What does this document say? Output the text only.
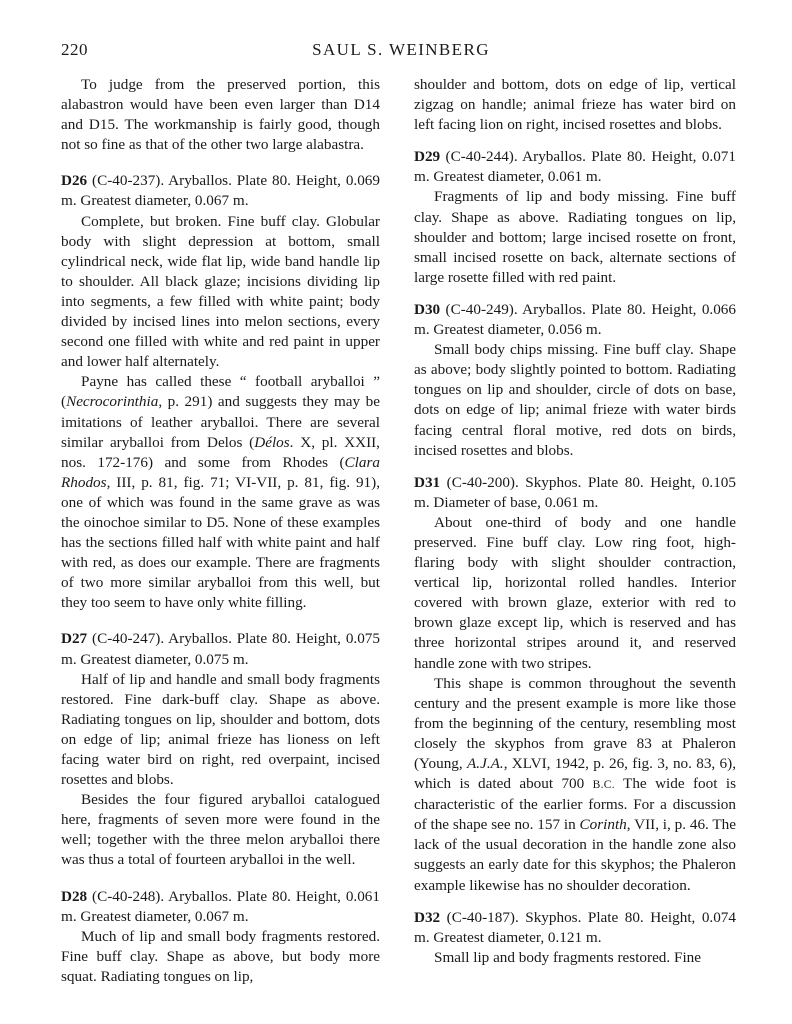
220	SAUL S. WEINBERG

To judge from the preserved portion, this alabastron would have been even larger than D14 and D15. The workmanship is fairly good, though not so fine as that of the other two large alabastra.

D26 (C-40-237). Aryballos. Plate 80. Height, 0.069 m. Greatest diameter, 0.067 m.

Complete, but broken. Fine buff clay. Globular body with slight depression at bottom, small cylindrical neck, wide flat lip, wide band handle lip to shoulder. All black glaze; incisions dividing lip into segments, a few filled with white paint; body divided by incised lines into melon sections, every second one filled with white and red paint in upper and lower half alternately.

Payne has called these “ football aryballoi ” (Necrocorinthia, p. 291) and suggests they may be imitations of leather aryballoi. There are several similar aryballoi from Delos (Délos. X, pl. XXII, nos. 172-176) and some from Rhodes (Clara Rhodos, III, p. 81, fig. 71; VI-VII, p. 81, fig. 91), one of which was found in the same grave as was the oinochoe similar to D5. None of these examples has the sections filled half with white paint and half with red, as does our example. There are fragments of two more similar aryballoi from this well, but they too seem to have only white filling.

D27 (C-40-247). Aryballos. Plate 80. Height, 0.075 m. Greatest diameter, 0.075 m.

Half of lip and handle and small body fragments restored. Fine dark-buff clay. Shape as above. Radiating tongues on lip, shoulder and bottom, dots on edge of lip; animal frieze has lioness on left facing water bird on right, red overpaint, incised rosettes and blobs.

Besides the four figured aryballoi catalogued here, fragments of seven more were found in the well; together with the three melon aryballoi there was thus a total of fourteen aryballoi in the well.

D28 (C-40-248). Aryballos. Plate 80. Height, 0.061 m. Greatest diameter, 0.067 m.

Much of lip and small body fragments restored. Fine buff clay. Shape as above, but body more squat. Radiating tongues on lip,

shoulder and bottom, dots on edge of lip, vertical zigzag on handle; animal frieze has water bird on left facing lion on right, incised rosettes and blobs.

D29 (C-40-244). Aryballos. Plate 80. Height, 0.071 m. Greatest diameter, 0.061 m.

Fragments of lip and body missing. Fine buff clay. Shape as above. Radiating tongues on lip, shoulder and bottom; large incised rosette on front, small incised rosette on back, alternate sections of large rosette filled with red paint.

D30 (C-40-249). Aryballos. Plate 80. Height, 0.066 m. Greatest diameter, 0.056 m.

Small body chips missing. Fine buff clay. Shape as above; body slightly pointed to bottom. Radiating tongues on lip and shoulder, circle of dots on base, dots on edge of lip; animal frieze with water birds facing central floral motive, red dots on birds, incised rosettes and blobs.

D31 (C-40-200). Skyphos. Plate 80. Height, 0.105 m. Diameter of base, 0.061 m.

About one-third of body and one handle preserved. Fine buff clay. Low ring foot, high-flaring body with slight shoulder contraction, vertical lip, horizontal rolled handles. Interior covered with brown glaze, exterior with red to brown glaze except lip, which is reserved and has three horizontal stripes around it, and reserved handle zone with two stripes.

This shape is common throughout the seventh century and the present example is more like those from the beginning of the century, resembling most closely the skyphos from grave 83 at Phaleron (Young, A.J.A., XLVI, 1942, p. 26, fig. 3, no. 83, 6), which is dated about 700 B.C. The wide foot is characteristic of the earlier forms. For a discussion of the shape see no. 157 in Corinth, VII, i, p. 46. The lack of the usual decoration in the handle zone also suggests an early date for this skyphos; the Phaleron example likewise has no shoulder decoration.

D32 (C-40-187). Skyphos. Plate 80. Height, 0.074 m. Greatest diameter, 0.121 m.

Small lip and body fragments restored. Fine
